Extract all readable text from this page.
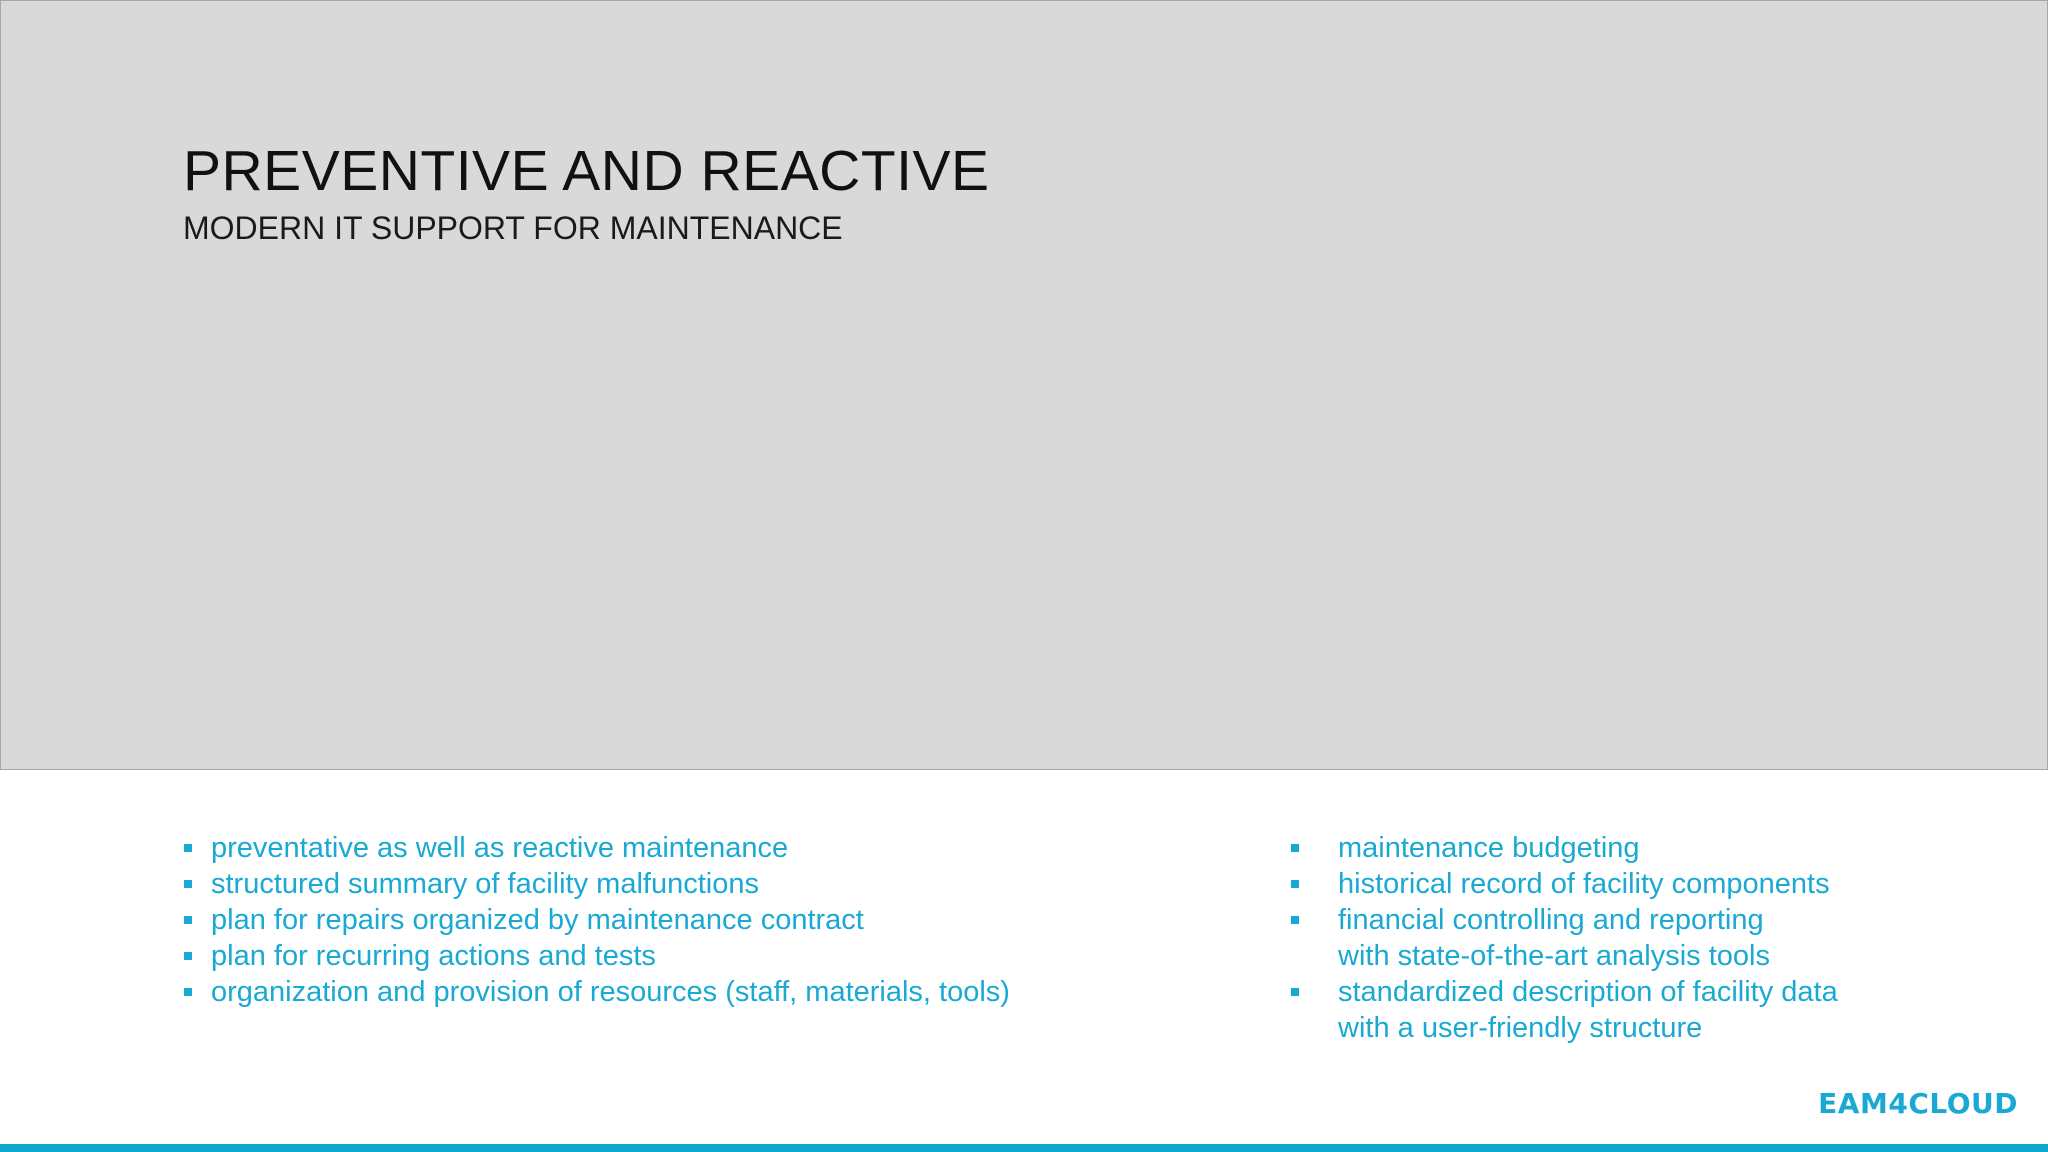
PREVENTIVE AND REACTIVE
MODERN IT SUPPORT FOR MAINTENANCE
preventative as well as reactive maintenance
structured summary of facility malfunctions
plan for repairs organized by maintenance contract
plan for recurring actions and tests
organization and provision of resources (staff, materials, tools)
maintenance budgeting
historical record of facility components
financial controlling and reporting
with state-of-the-art analysis tools
standardized description of facility data
with a user-friendly structure
EAM4CLOUD
